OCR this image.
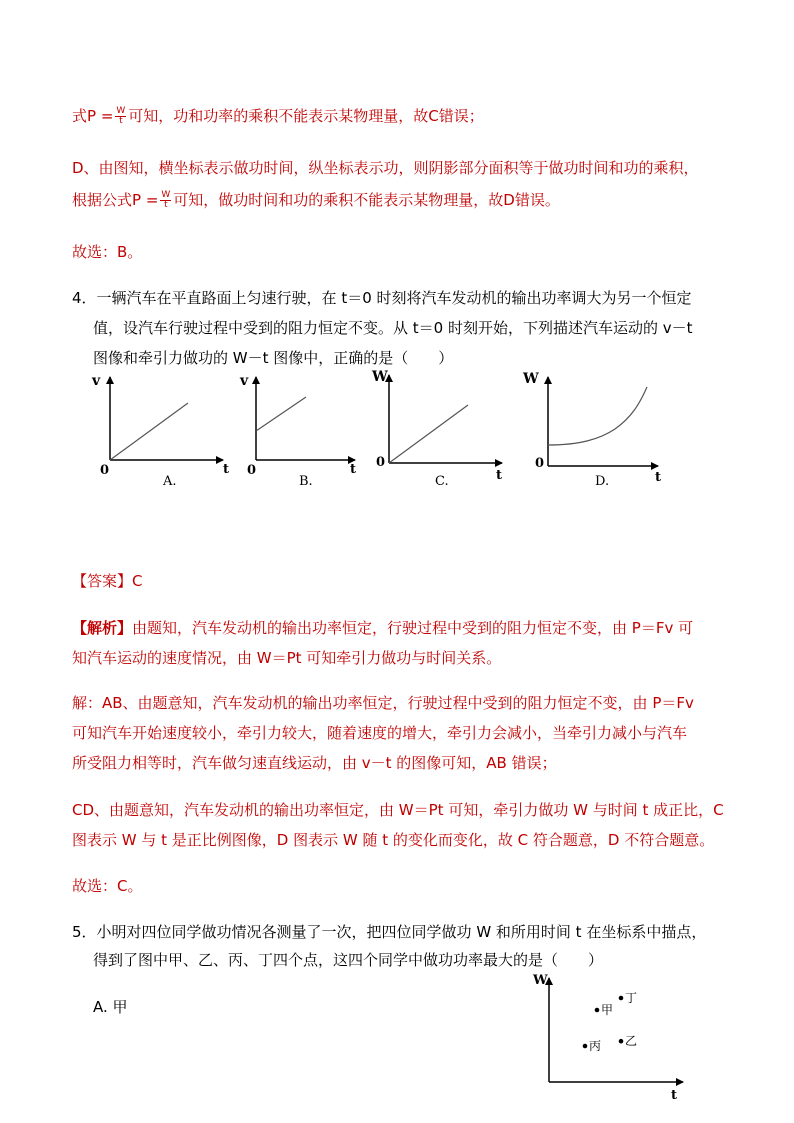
式$P = \frac{W}{t}$ 可知，功和功率的乘积不能表示某物理量，故C错误；
D、由图知，横坐标表示做功时间，纵坐标表示功，则阴影部分面积等于做功时间和功的乘积，
根据公式$P = \frac{W}{t}$ 可知，做功时间和功的乘积不能表示某物理量，故D错误。
故选：B。
4．一辆汽车在平直路面上匀速行驶，在 t＝0 时刻将汽车发动机的输出功率调大为另一个恒定
值，设汽车行驶过程中受到的阻力恒定不变。从 t＝0 时刻开始，下列描述汽车运动的 v－t
图像和牵引力做功的 W－t 图像中，正确的是（　　）
v
0	t
A.
v
0	t
B.
W
0
t
C.
W
0
t
D.
【答案】C
【解析】由题知，汽车发动机的输出功率恒定，行驶过程中受到的阻力恒定不变，由 P＝Fv 可
知汽车运动的速度情况，由 W＝Pt 可知牵引力做功与时间关系。
解：AB、由题意知，汽车发动机的输出功率恒定，行驶过程中受到的阻力恒定不变，由 P＝Fv
可知汽车开始速度较小，牵引力较大，随着速度的增大，牵引力会减小，当牵引力减小与汽车
所受阻力相等时，汽车做匀速直线运动，由 v－t 的图像可知，AB 错误；
CD、由题意知，汽车发动机的输出功率恒定，由 W＝Pt 可知，牵引力做功 W 与时间 t 成正比，C
图表示 W 与 t 是正比例图像，D 图表示 W 随 t 的变化而变化，故 C 符合题意，D 不符合题意。
故选：C。
5．小明对四位同学做功情况各测量了一次，把四位同学做功 W 和所用时间 t 在坐标系中描点，
得到了图中甲、乙、丙、丁四个点，这四个同学中做功功率最大的是（　　）
A. 甲
W
t
甲
丁
丙 乙
